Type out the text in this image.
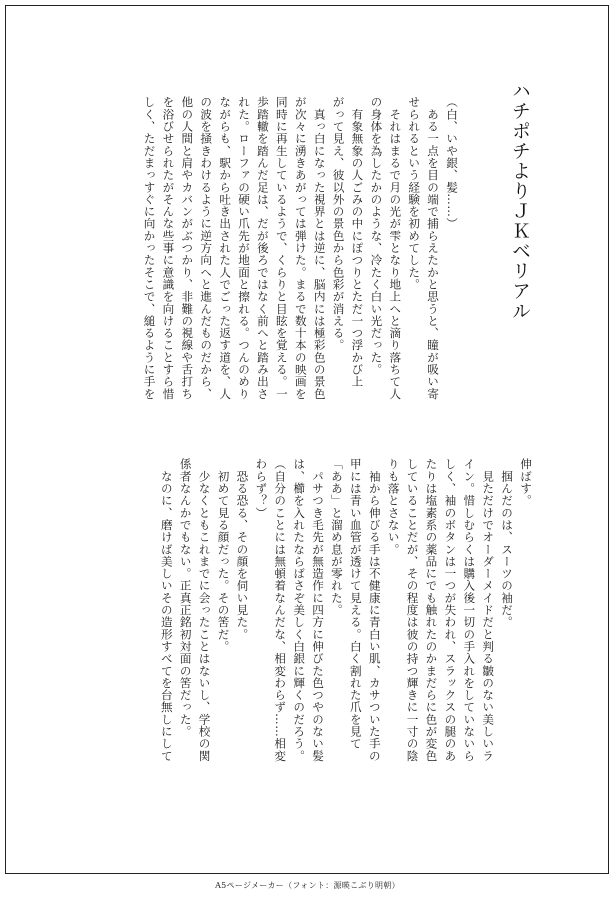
ハチポチよりＪＫベリアル
（白、いや銀、髪……）
　ある一点を目の端で捕らえたかと思うと、瞳が吸い寄
せられるという経験を初めてした。
　それはまるで月の光が雫となり地上へと滴り落ちて人
の身体を為したかのような、冷たく白い光だった。
　有象無象の人ごみの中にぽつりとただ一つ浮かび上
がって見え、彼以外の景色から色彩が消える。
　真っ白になった視界とは逆に、脳内には極彩色の景色
が次々に湧きあがっては弾けた。まるで数十本の映画を
同時に再生しているようで、くらりと目眩を覚える。一
歩踏轍を踏んだ足は、だが後ろではなく前へと踏み出さ
れた。ローファの硬い爪先が地面と擦れる。つんのめり
ながらも、駅から吐き出された人でごった返す道を、人
の波を掻きわけるように逆方向へと進んだものだから、
他の人間と肩やカバンがぶつかり、非難の視線や舌打ち
を浴びせられたがそんな些事に意識を向けることすら惜
しく、ただまっすぐに向かったそこで、縋るように手を
伸ばす。
　掴んだのは、スーツの袖だ。
　見ただけでオーダーメイドだと判る皺のない美しいラ
イン。惜しむらくは購入後一切の手入れをしていないら
しく、袖のボタンは一つが失われ、スラックスの腿のあ
たりは塩素系の薬品にでも触れたのかまだらに色が変色
していることだが、その程度は彼の持つ輝きに一寸の陰
りも落とさない。
　袖から伸びる手は不健康に青白い肌、カサついた手の
甲には青い血管が透けて見える。白く割れた爪を見て
「ああ」と溜め息が零れた。
　パサつき毛先が無造作に四方に伸びた色つやのない髪
は、櫛を入れたならばさぞ美しく白銀に輝くのだろう。
（自分のことには無頓着なんだな、相変わらず……相変
わらず？）
　恐る恐る、その顔を伺い見た。
　初めて見る顔だった。その筈だ。
　少なくともこれまでに会ったことはないし、学校の関
係者なんかでもない。正真正銘初対面の筈だった。
　なのに、磨けば美しいその造形すべてを台無しにして
A5ページメーカー（フォント：源暎こぶり明朝）
